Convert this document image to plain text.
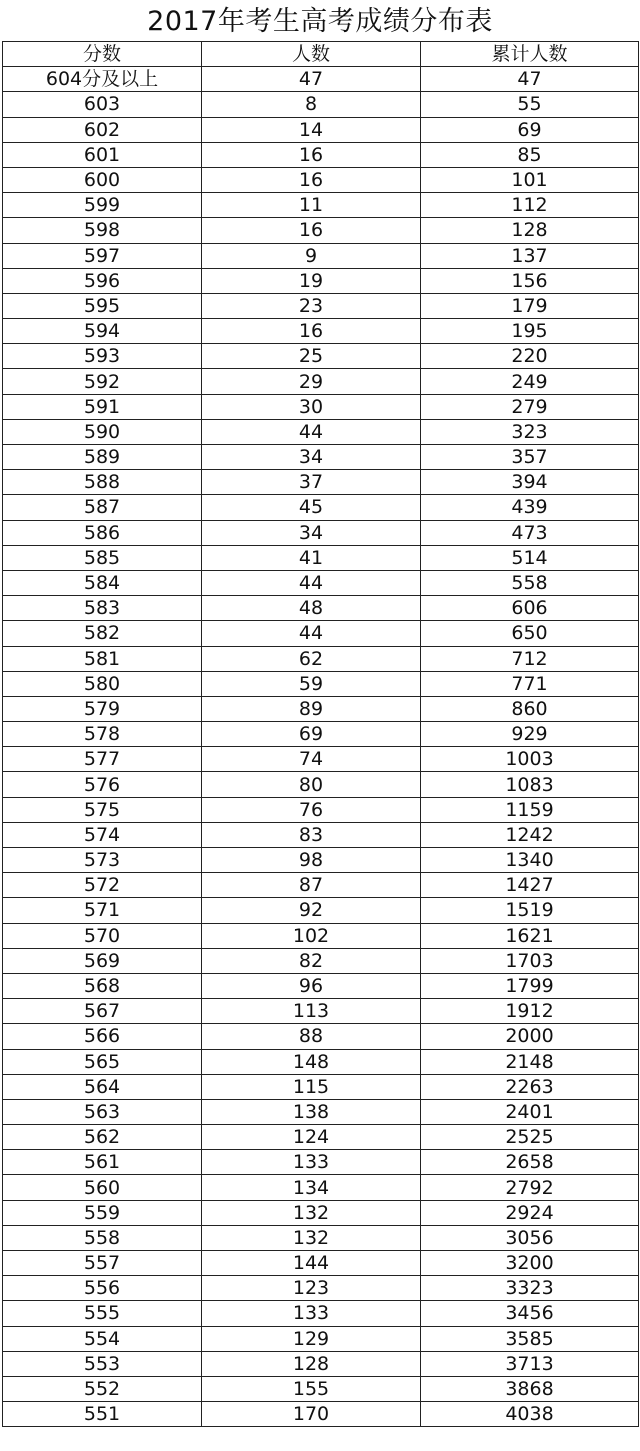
2017年考生高考成绩分布表
分数	人数	累计人数
604分及以上	47	47
603	8	55
602	14	69
601	16	85
600	16	101
599	11	112
598	16	128
597	9	137
596	19	156
595	23	179
594	16	195
593	25	220
592	29	249
591	30	279
590	44	323
589	34	357
588	37	394
587	45	439
586	34	473
585	41	514
584	44	558
583	48	606
582	44	650
581	62	712
580	59	771
579	89	860
578	69	929
577	74	1003
576	80	1083
575	76	1159
574	83	1242
573	98	1340
572	87	1427
571	92	1519
570	102	1621
569	82	1703
568	96	1799
567	113	1912
566	88	2000
565	148	2148
564	115	2263
563	138	2401
562	124	2525
561	133	2658
560	134	2792
559	132	2924
558	132	3056
557	144	3200
556	123	3323
555	133	3456
554	129	3585
553	128	3713
552	155	3868
551	170	4038
